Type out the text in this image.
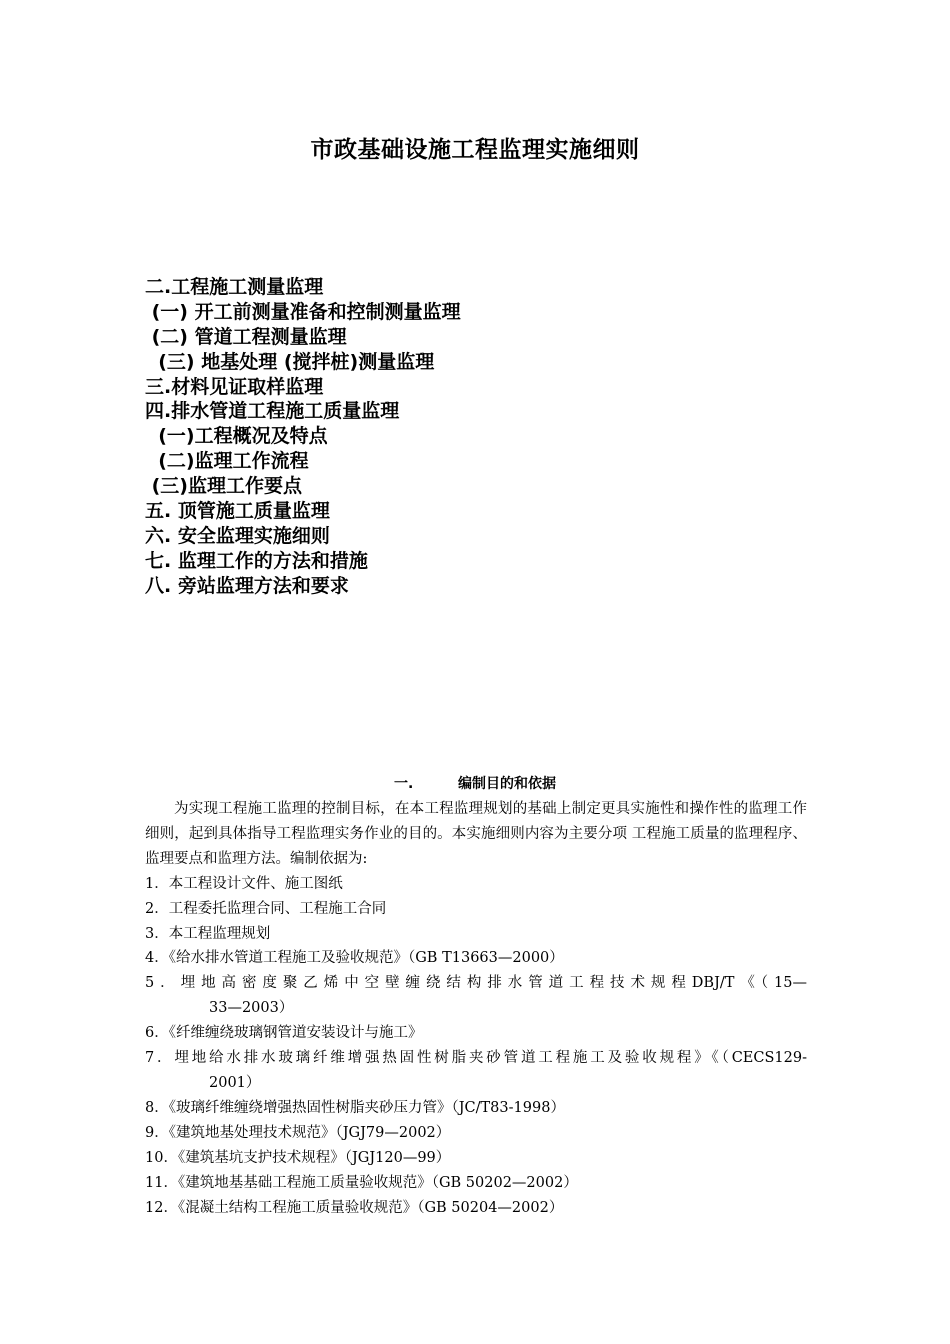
市政基础设施工程监理实施细则
二.工程施工测量监理
(一) 开工前测量准备和控制测量监理
(二) 管道工程测量监理
(三) 地基处理 (搅拌桩)测量监理
三.材料见证取样监理
四.排水管道工程施工质量监理
(一)工程概况及特点
(二)监理工作流程
(三)监理工作要点
五. 顶管施工质量监理
六. 安全监理实施细则
七. 监理工作的方法和措施
八. 旁站监理方法和要求
一.	编制目的和依据
为实现工程施工监理的控制目标，在本工程监理规划的基础上制定更具实施性和操作性的监理工作细则，起到具体指导工程监理实务作业的目的。本实施细则内容为主要分项 工程施工质量的监理程序、监理要点和监理方法。编制依据为:
1．本工程设计文件、施工图纸
2．工程委托监理合同、工程施工合同
3．本工程监理规划
4．《给水排水管道工程施工及验收规范》（GB T13663—2000）
5．埋地高密度聚乙烯中空壁缠绕结构排水管道工程技术规程DBJ/T《（15—
33—2003）
6．《纤维缠绕玻璃钢管道安装设计与施工》
7．埋地给水排水玻璃纤维增强热固性树脂夹砂管道工程施工及验收规程》《（CECS129-
2001）
8．《玻璃纤维缠绕增强热固性树脂夹砂压力管》（JC/T83-1998）
9．《建筑地基处理技术规范》（JGJ79—2002）
10．《建筑基坑支护技术规程》（JGJ120—99）
11．《建筑地基基础工程施工质量验收规范》（GB 50202—2002）
12．《混凝土结构工程施工质量验收规范》（GB 50204—2002）
